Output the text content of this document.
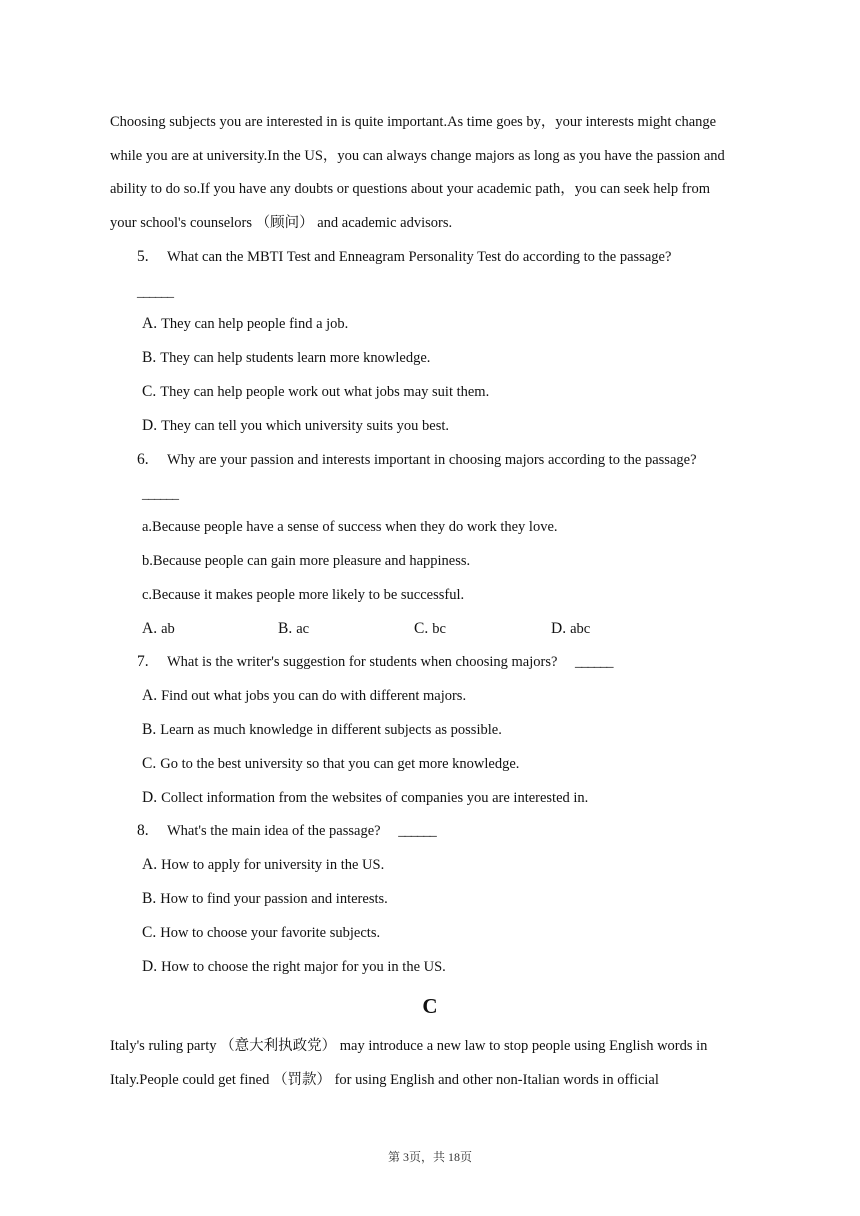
Choosing subjects you are interested in is quite important.As time goes by，your interests might change
while you are at university.In the US，you can always change majors as long as you have the passion and
ability to do so.If you have any doubts or questions about your academic path，you can seek help from
your school's counselors （顾问） and academic advisors.
5. What can the MBTI Test and Enneagram Personality Test do according to the passage?
______
A. They can help people find a job.
B. They can help students learn more knowledge.
C. They can help people work out what jobs may suit them.
D. They can tell you which university suits you best.
6. Why are your passion and interests important in choosing majors according to the passage?
______
a.Because people have a sense of success when they do work they love.
b.Because people can gain more pleasure and happiness.
c.Because it makes people more likely to be successful.
A. ab	B. ac	C. bc	D. abc
7. What is the writer's suggestion for students when choosing majors? ______
A. Find out what jobs you can do with different majors.
B. Learn as much knowledge in different subjects as possible.
C. Go to the best university so that you can get more knowledge.
D. Collect information from the websites of companies you are interested in.
8. What's the main idea of the passage? ______
A. How to apply for university in the US.
B. How to find your passion and interests.
C. How to choose your favorite subjects.
D. How to choose the right major for you in the US.
C
Italy's ruling party （意大利执政党） may introduce a new law to stop people using English words in
Italy.People could get fined （罚款） for using English and other non-Italian words in official
第 3页，共 18页
